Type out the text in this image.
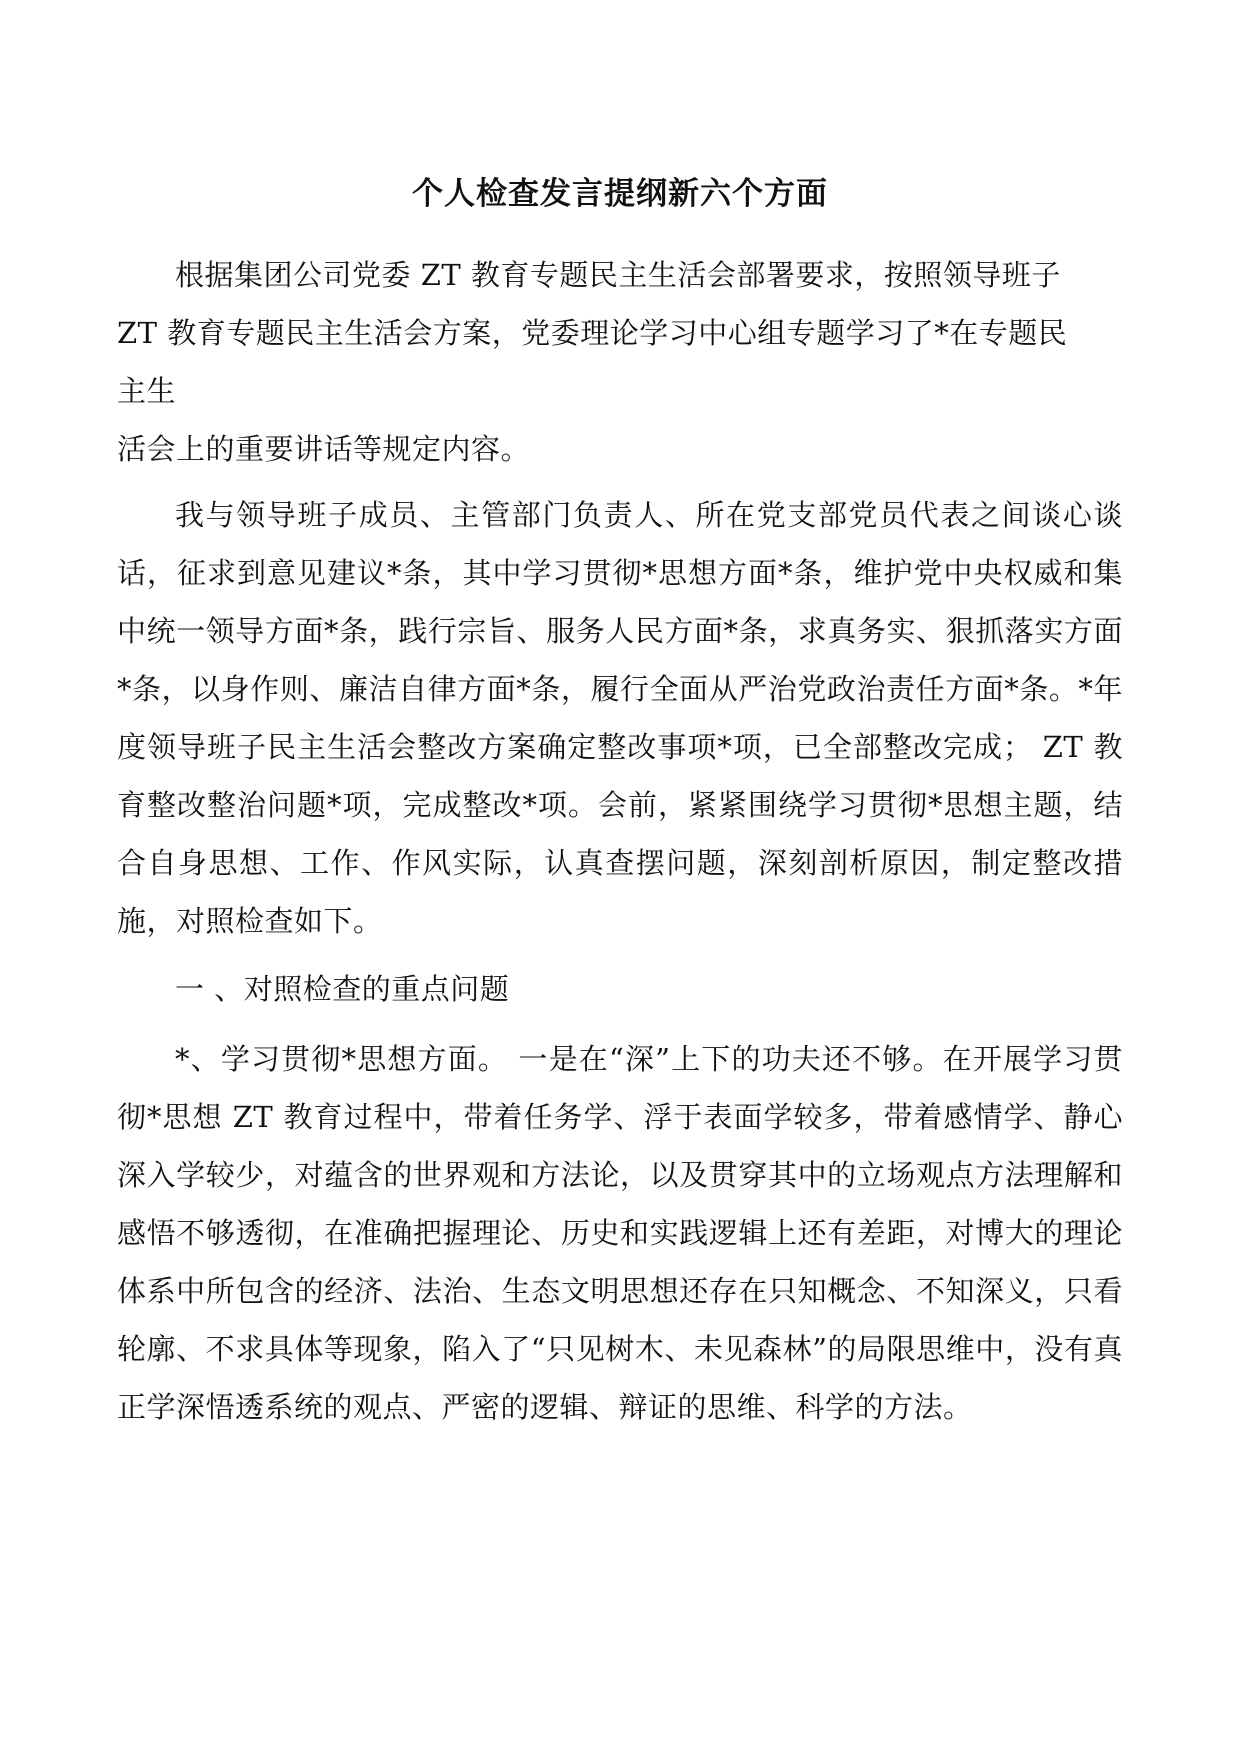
个人检查发言提纲新六个方面

根据集团公司党委 ZT 教育专题民主生活会部署要求，按照领导班子

ZT 教育专题民主生活会方案，党委理论学习中心组专题学习了*在专题民

主生

活会上的重要讲话等规定内容。

我与领导班子成员、主管部门负责人、所在党支部党员代表之间谈心谈话，征求到意见建议*条，其中学习贯彻*思想方面*条，维护党中央权威和集中统一领导方面*条，践行宗旨、服务人民方面*条，求真务实、狠抓落实方面*条，以身作则、廉洁自律方面*条，履行全面从严治党政治责任方面*条。*年度领导班子民主生活会整改方案确定整改事项*项，已全部整改完成； ZT 教育整改整治问题*项，完成整改*项。会前，紧紧围绕学习贯彻*思想主题，结合自身思想、工作、作风实际，认真查摆问题，深刻剖析原因，制定整改措施，对照检查如下。

一 、对照检查的重点问题

*、学习贯彻*思想方面。 一是在“深”上下的功夫还不够。在开展学习贯彻*思想 ZT 教育过程中，带着任务学、浮于表面学较多，带着感情学、静心深入学较少，对蕴含的世界观和方法论，以及贯穿其中的立场观点方法理解和感悟不够透彻，在准确把握理论、历史和实践逻辑上还有差距，对博大的理论体系中所包含的经济、法治、生态文明思想还存在只知概念、不知深义，只看轮廓、不求具体等现象，陷入了“只见树木、未见森林”的局限思维中，没有真正学深悟透系统的观点、严密的逻辑、辩证的思维、科学的方法。
